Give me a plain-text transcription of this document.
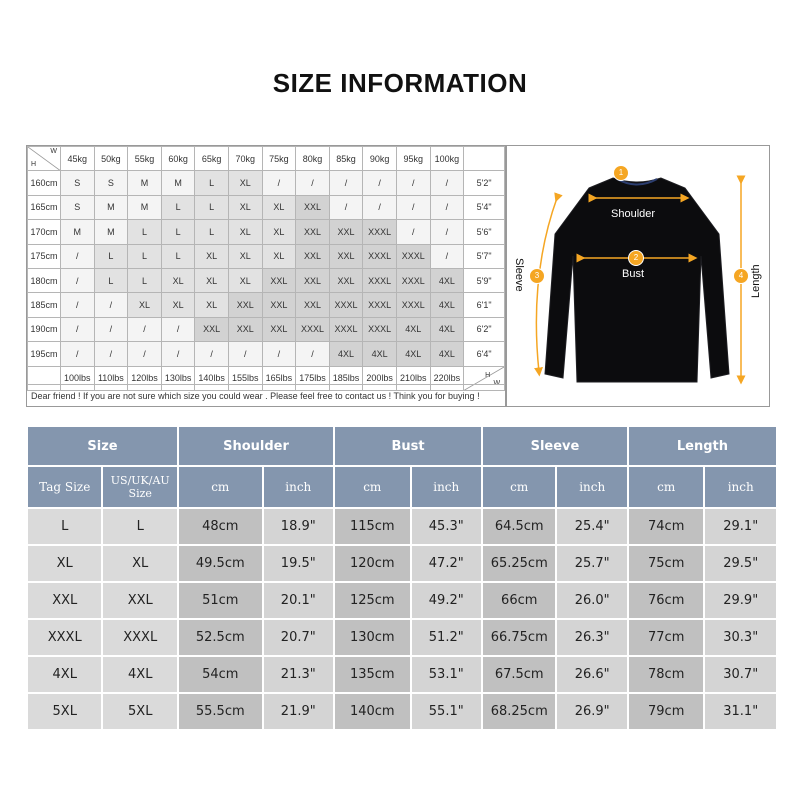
SIZE INFORMATION
H
W	45kg	50kg	55kg	60kg	65kg	70kg	75kg	80kg	85kg	90kg	95kg	100kg	
160cm	S	S	M	M	L	XL	/	/	/	/	/	/	5'2"
165cm	S	M	M	L	L	XL	XL	XXL	/	/	/	/	5'4"
170cm	M	M	L	L	L	XL	XL	XXL	XXL	XXXL	/	/	5'6"
175cm	/	L	L	L	XL	XL	XL	XXL	XXL	XXXL	XXXL	/	5'7"
180cm	/	L	L	XL	XL	XL	XXL	XXL	XXL	XXXL	XXXL	4XL	5'9"
185cm	/	/	XL	XL	XL	XXL	XXL	XXL	XXXL	XXXL	XXXL	4XL	6'1"
190cm	/	/	/	/	XXL	XXL	XXL	XXXL	XXXL	XXXL	4XL	4XL	6'2"
195cm	/	/	/	/	/	/	/	/	4XL	4XL	4XL	4XL	6'4"
	100lbs	110lbs	120lbs	130lbs	140lbs	155lbs	165lbs	175lbs	185lbs	200lbs	210lbs	220lbs	H
W
Dear friend ! If you are not sure which size you could wear . Please feel free to contact us ! Think you for buying !
1
Shoulder
2
Bust
3
Sleeve	4 Length
Size		Shoulder		Bust		Sleeve		Length	
Tag Size	US/UK/AU Size	cm	inch	cm	inch	cm	inch	cm	inch
L	L	48cm	18.9"	115cm	45.3"	64.5cm	25.4"	74cm	29.1"
XL	XL	49.5cm	19.5"	120cm	47.2"	65.25cm	25.7"	75cm	29.5"
XXL	XXL	51cm	20.1"	125cm	49.2"	66cm	26.0"	76cm	29.9"
XXXL	XXXL	52.5cm	20.7"	130cm	51.2"	66.75cm	26.3"	77cm	30.3"
4XL	4XL	54cm	21.3"	135cm	53.1"	67.5cm	26.6"	78cm	30.7"
5XL	5XL	55.5cm	21.9"	140cm	55.1"	68.25cm	26.9"	79cm	31.1"
